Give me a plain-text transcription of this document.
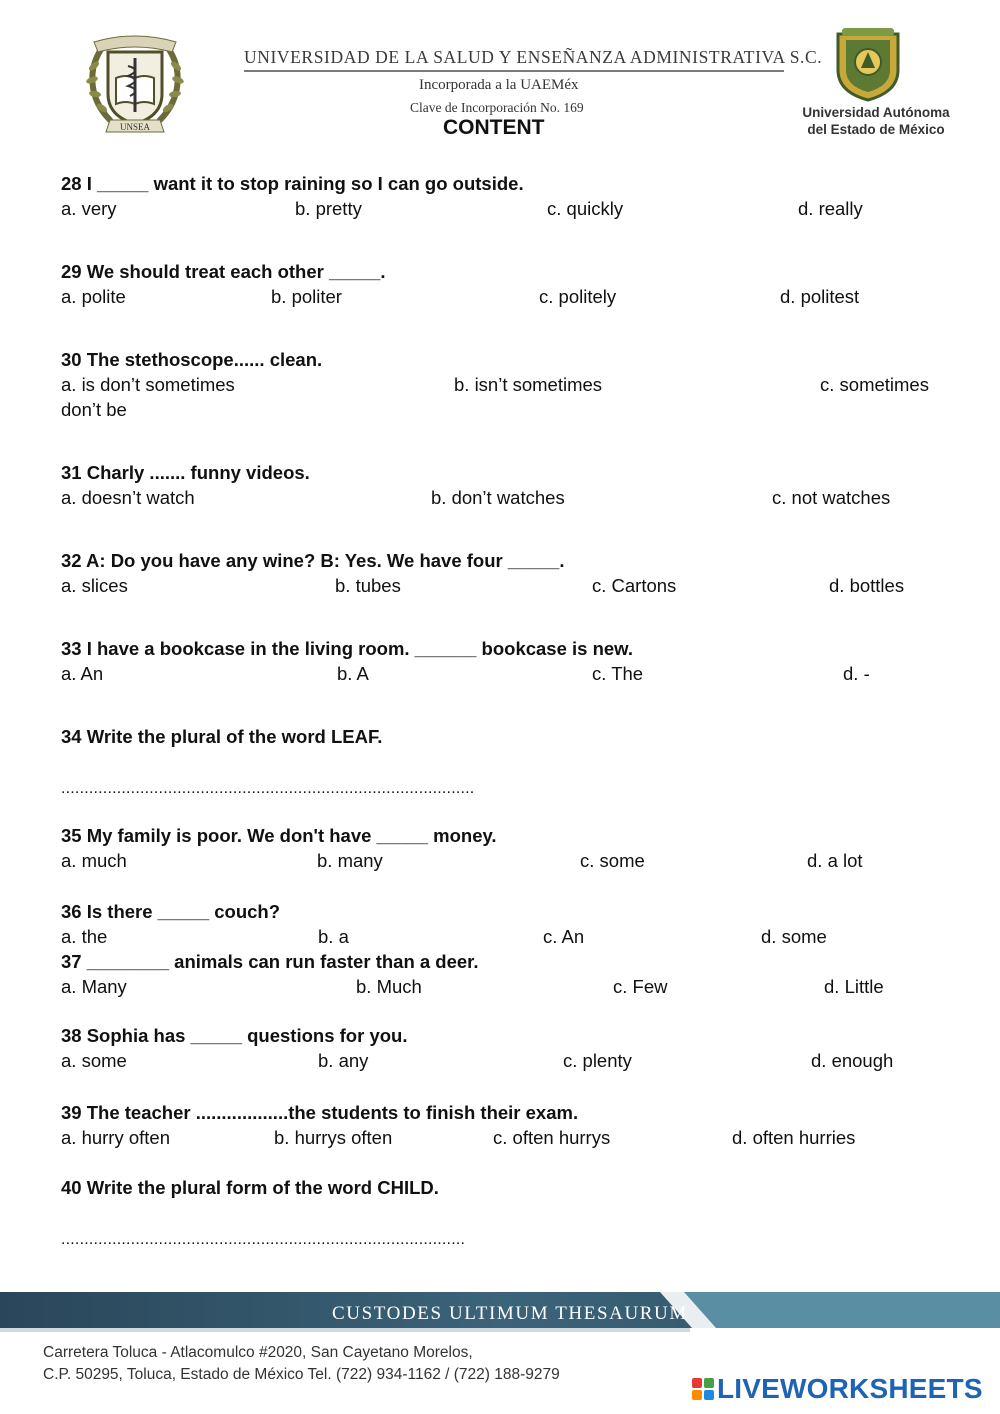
UNSEA
UNIVERSIDAD DE LA SALUD Y ENSEÑANZA ADMINISTRATIVA S.C.
Incorporada a la UAEMéx
Clave de Incorporación No. 169
CONTENT
Universidad Autónoma
del Estado de México
28 I _____ want it to stop raining so I can go outside.
a. very	b. pretty	c. quickly	d. really
29 We should treat each other _____.
a. polite	b. politer	c. politely	d. politest
30 The stethoscope...... clean.
a. is don’t sometimes	b. isn’t sometimes	c. sometimes
don’t be
31 Charly ....... funny videos.
a. doesn’t watch	b. don’t watches	c. not watches
32 A: Do you have any wine? B: Yes. We have four _____.
a. slices	b. tubes	c. Cartons	d. bottles
33 I have a bookcase in the living room. ______ bookcase is new.
a. An	b. A	c. The	d. -
34 Write the plural of the word LEAF.
.........................................................................................
35 My family is poor. We don't have _____ money.
a. much	b. many	c. some	d. a lot
36 Is there _____ couch?
a. the	b. a	c. An	d. some
37 ________ animals can run faster than a deer.
a. Many	b. Much	c. Few	d. Little
38 Sophia has _____ questions for you.
a. some	b. any	c. plenty	d. enough
39 The teacher ..................the students to finish their exam.
a. hurry often	b. hurrys often	c. often hurrys	d. often hurries
40 Write the plural form of the word CHILD.
.......................................................................................
CUSTODES ULTIMUM THESAURUM
Carretera Toluca - Atlacomulco #2020, San Cayetano Morelos,
C.P. 50295, Toluca, Estado de México Tel. (722) 934-1162 / (722) 188-9279	LIVEWORKSHEETS
